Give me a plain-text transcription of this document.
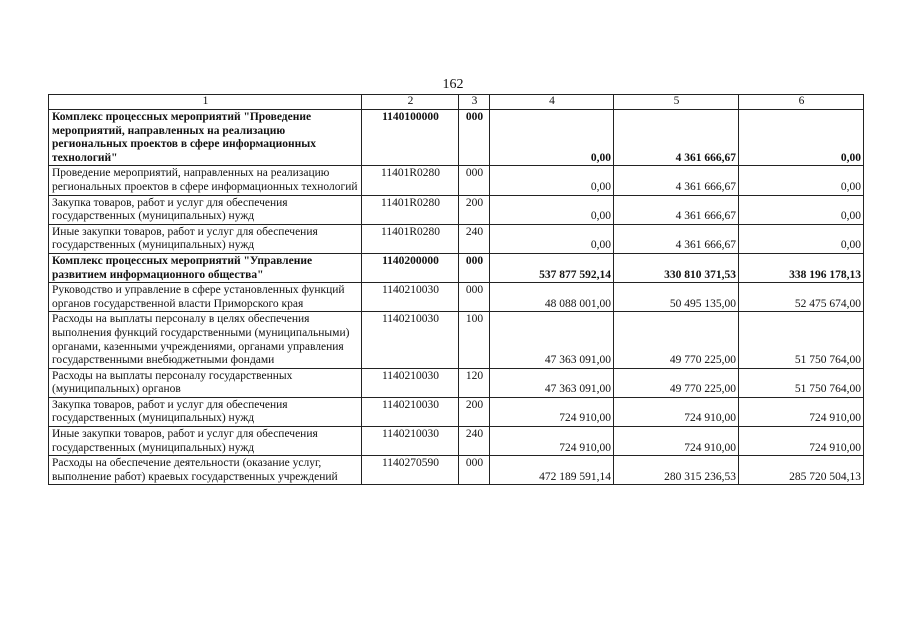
162
1	2	3	4	5	6
Комплекс процессных мероприятий "Проведение мероприятий, направленных на реализацию региональных проектов в сфере информационных технологий"	1140100000	000	0,00	4 361 666,67	0,00
Проведение мероприятий, направленных на реализацию региональных проектов в сфере информационных технологий	11401R0280	000	0,00	4 361 666,67	0,00
Закупка товаров, работ и услуг для обеспечения государственных (муниципальных) нужд	11401R0280	200	0,00	4 361 666,67	0,00
Иные закупки товаров, работ и услуг для обеспечения государственных (муниципальных) нужд	11401R0280	240	0,00	4 361 666,67	0,00
Комплекс процессных мероприятий "Управление развитием информационного общества"	1140200000	000	537 877 592,14	330 810 371,53	338 196 178,13
Руководство и управление в сфере установленных функций органов государственной власти Приморского края	1140210030	000	48 088 001,00	50 495 135,00	52 475 674,00
Расходы на выплаты персоналу в целях обеспечения выполнения функций государственными (муниципальными) органами, казенными учреждениями, органами управления государственными внебюджетными фондами	1140210030	100	47 363 091,00	49 770 225,00	51 750 764,00
Расходы на выплаты персоналу государственных (муниципальных) органов	1140210030	120	47 363 091,00	49 770 225,00	51 750 764,00
Закупка товаров, работ и услуг для обеспечения государственных (муниципальных) нужд	1140210030	200	724 910,00	724 910,00	724 910,00
Иные закупки товаров, работ и услуг для обеспечения государственных (муниципальных) нужд	1140210030	240	724 910,00	724 910,00	724 910,00
Расходы на обеспечение деятельности (оказание услуг, выполнение работ) краевых государственных учреждений	1140270590	000	472 189 591,14	280 315 236,53	285 720 504,13
